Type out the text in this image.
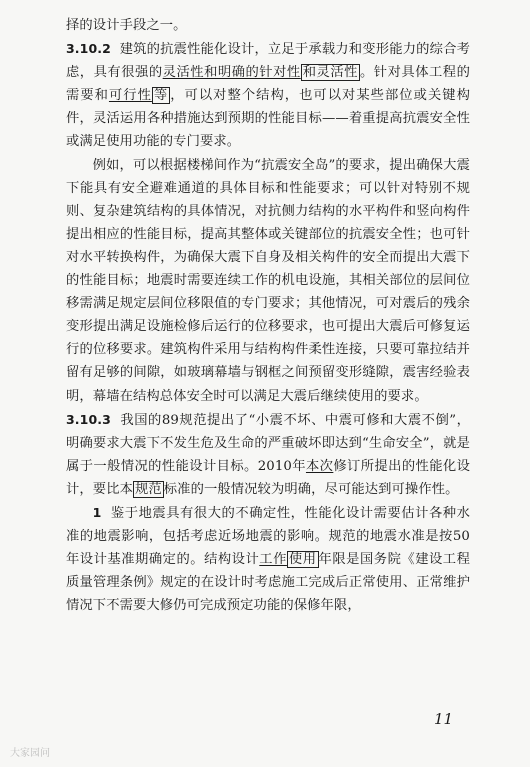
择的设计手段之一。

3.10.2 建筑的抗震性能化设计，立足于承载力和变形能力的综合考虑，具有很强的灵活性和明确的针对性 和灵活性 。针对具体工程的需要和可行性 等 ，可以对整个结构，也可以对某些部位或关键构件，灵活运用各种措施达到预期的性能目标——着重提高抗震安全性或满足使用功能的专门要求。

例如，可以根据楼梯间作为“抗震安全岛”的要求，提出确保大震下能具有安全避难通道的具体目标和性能要求；可以针对特别不规则、复杂建筑结构的具体情况，对抗侧力结构的水平构件和竖向构件提出相应的性能目标，提高其整体或关键部位的抗震安全性；也可针对水平转换构件，为确保大震下自身及相关构件的安全而提出大震下的性能目标；地震时需要连续工作的机电设施，其相关部位的层间位移需满足规定层间位移限值的专门要求；其他情况，可对震后的残余变形提出满足设施检修后运行的位移要求，也可提出大震后可修复运行的位移要求。建筑构件采用与结构构件柔性连接，只要可靠拉结并留有足够的间隙，如玻璃幕墙与钢框之间预留变形缝隙，震害经验表明，幕墙在结构总体安全时可以满足大震后继续使用的要求。

3.10.3 我国的89规范提出了“小震不坏、中震可修和大震不倒”，明确要求大震下不发生危及生命的严重破坏即达到“生命安全”，就是属于一般情况的性能设计目标。2010年本次修订所提出的性能化设计，要比本 规范 标准的一般情况较为明确，尽可能达到可操作性。

1 鉴于地震具有很大的不确定性，性能化设计需要估计各种水准的地震影响，包括考虑近场地震的影响。规范的地震水准是按50年设计基准期确定的。结构设计工作 使用 年限是国务院《建设工程质量管理条例》规定的在设计时考虑施工完成后正常使用、正常维护情况下不需要大修仍可完成预定功能的保修年限，

11
大家园问
